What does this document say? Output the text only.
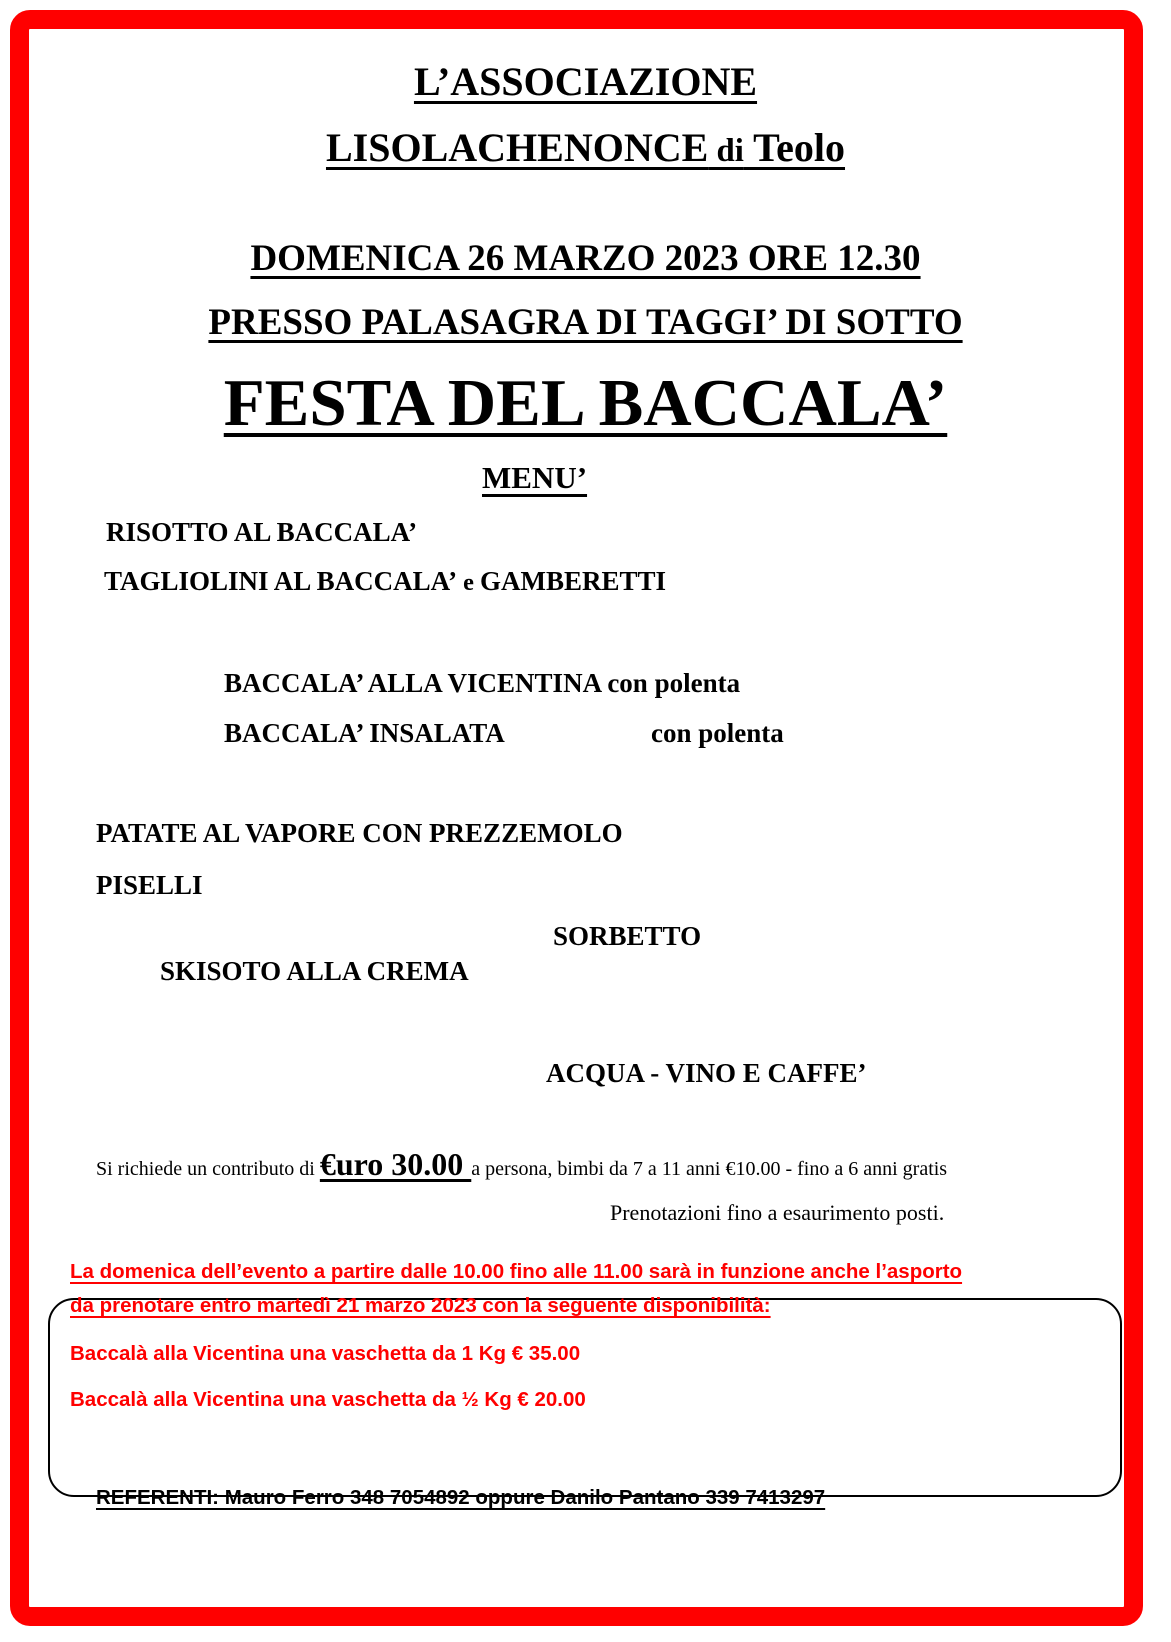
L’ASSOCIAZIONE
LISOLACHENONCE di Teolo
DOMENICA 26 MARZO 2023 ORE 12.30
PRESSO PALASAGRA DI TAGGI’ DI SOTTO
FESTA DEL BACCALA’
MENU’
RISOTTO AL BACCALA’
TAGLIOLINI AL BACCALA’ e GAMBERETTI
BACCALA’ ALLA VICENTINA con polenta
BACCALA’ INSALATA	con polenta
PATATE AL VAPORE CON PREZZEMOLO
PISELLI
SORBETTO
SKISOTO ALLA CREMA
ACQUA - VINO E CAFFE’
Si richiede un contributo di €uro 30.00 a persona, bimbi da 7 a 11 anni €10.00 - fino a 6 anni gratis
Prenotazioni fino a esaurimento posti.
La domenica dell’evento a partire dalle 10.00 fino alle 11.00 sarà in funzione anche l’asporto
da prenotare entro martedì 21 marzo 2023 con la seguente disponibilità:
Baccalà alla Vicentina una vaschetta da 1 Kg € 35.00
Baccalà alla Vicentina una vaschetta da ½ Kg € 20.00
REFERENTI: Mauro Ferro 348 7054892 oppure Danilo Pantano 339 7413297
